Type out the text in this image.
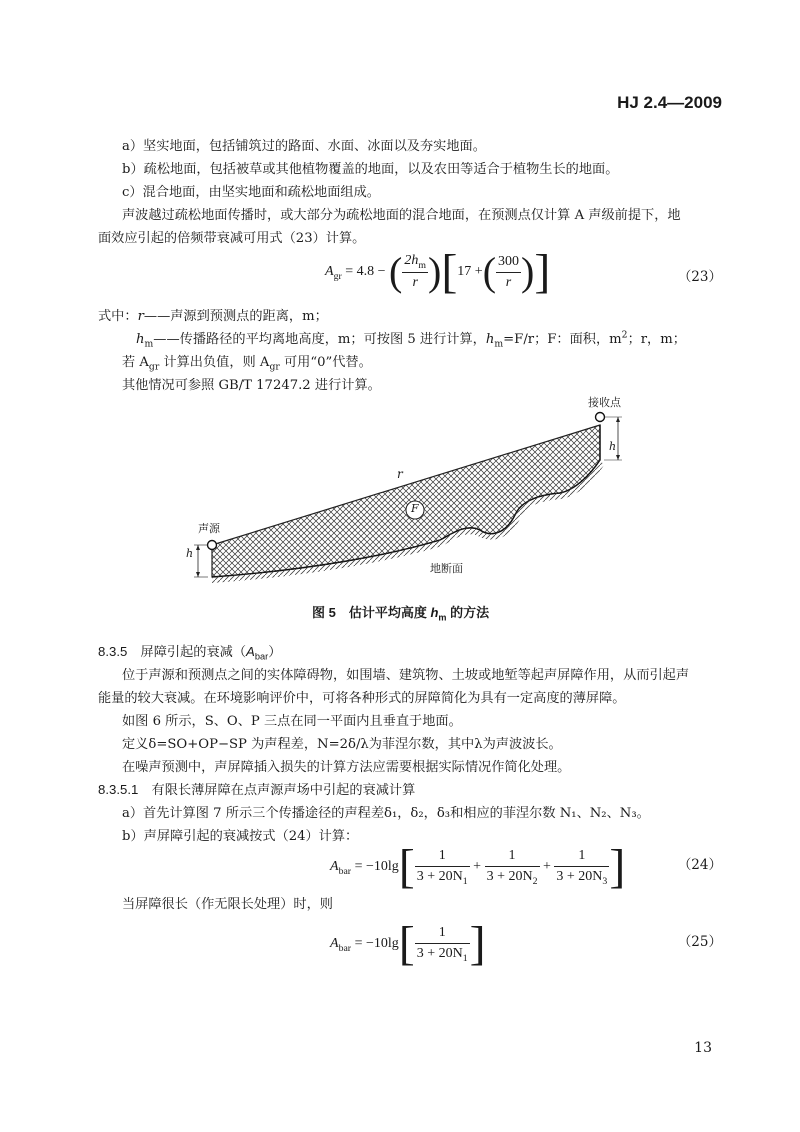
HJ 2.4—2009
a）坚实地面，包括铺筑过的路面、水面、冰面以及夯实地面。
b）疏松地面，包括被草或其他植物覆盖的地面，以及农田等适合于植物生长的地面。
c）混合地面，由坚实地面和疏松地面组成。
声波越过疏松地面传播时，或大部分为疏松地面的混合地面，在预测点仅计算 A 声级前提下，地
面效应引起的倍频带衰减可用式（23）计算。
$A_{gr} = 4.8$ − ( $\frac{2h_m}{r} )[17$ +( $\frac{300}{r}$ )]	（23）
式中：r——声源到预测点的距离，m；
$h_m——$传播路径的平均离地高度，m；可按图 5 进行计算，$h_m=F/r$；F：面积，$m^2$；r，m；
若 $A_{gr}$ 计算出负值，则 $A_{gr}$ 可用“0”代替。
其他情况可参照 GB/T 17247.2 进行计算。
接收点
声源
地断面
r
F
h
h
图 5　估计平均高度 $h_m$ 的方法
8.3.5　 屏障引起的衰减$(A_{bar})$
位于声源和预测点之间的实体障碍物，如围墙、建筑物、土坡或地堑等起声屏障作用，从而引起声
能量的较大衰减。在环境影响评价中，可将各种形式的屏障简化为具有一定高度的薄屏障。
如图 6 所示，S、O、P 三点在同一平面内且垂直于地面。
定义δ=SO+OP−SP 为声程差，N=2δ/λ为菲涅尔数，其中λ为声波波长。
在噪声预测中，声屏障插入损失的计算方法应需要根据实际情况作简化处理。
8.3.5.1　 有限长薄屏障在点声源声场中引起的衰减计算
a）首先计算图 7 所示三个传播途径的声程差δ₁，δ₂，δ₃和相应的菲涅尔数 N₁、N₂、N₃。
b）声屏障引起的衰减按式（24）计算：
$A_{bar} = -10\lg[ \frac{1}{3 + 20N_1} + \frac{1}{3 + 20N_2} + \frac{1}{3 + 20N_3}$ ]	（24）
当屏障很长（作无限长处理）时，则
$A_{bar} = -10\lg[ \frac{1}{3 + 20N_1}$ ]	（25）
13
